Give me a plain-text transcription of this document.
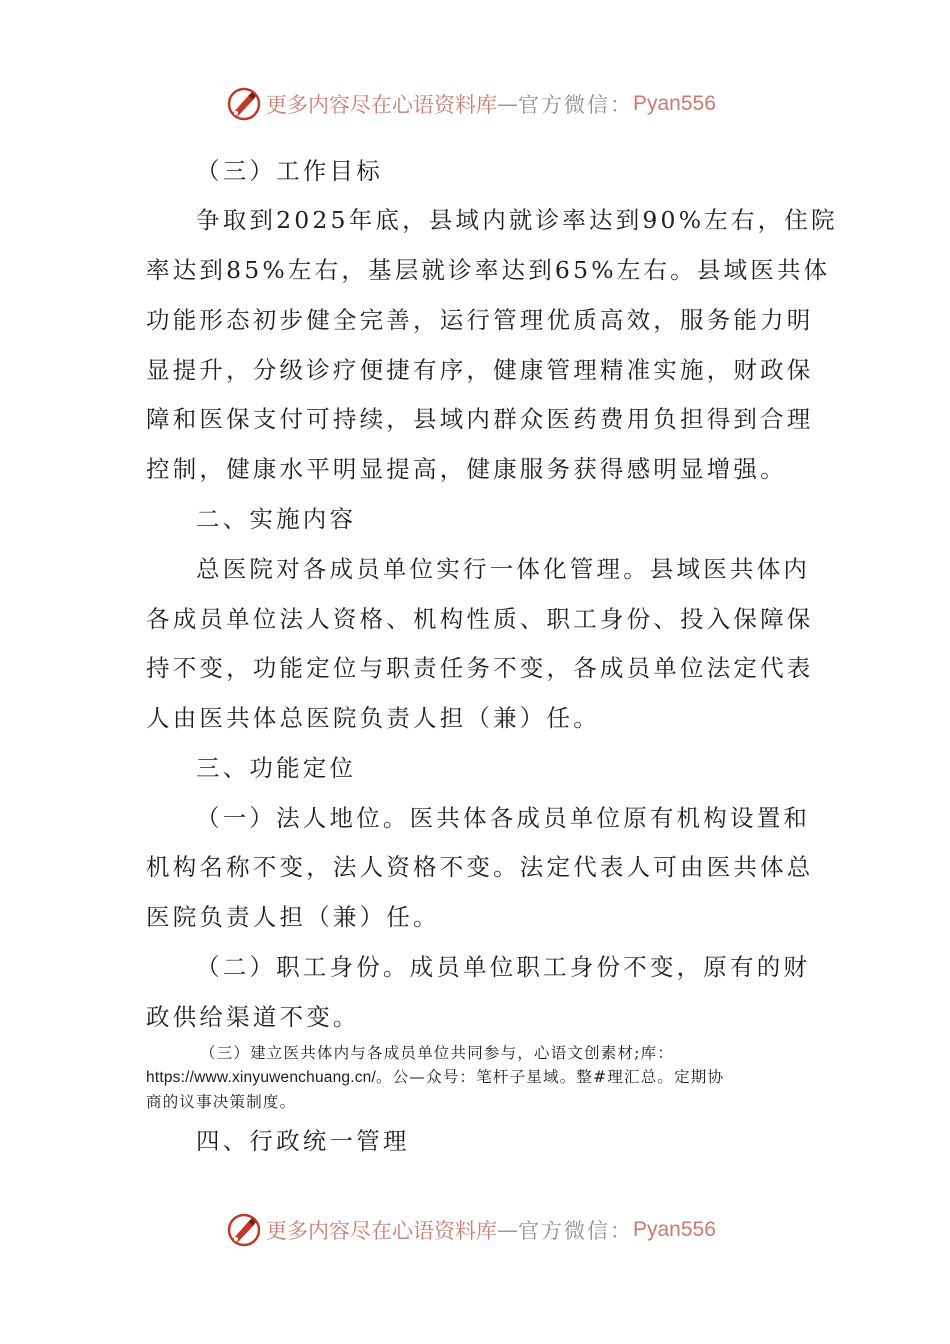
更多内容尽在心语资料库 — 官方微信： Pyan556
（三）工作目标
争取到2025年底，县域内就诊率达到90%左右，住院
率达到85%左右，基层就诊率达到65%左右。县域医共体
功能形态初步健全完善，运行管理优质高效，服务能力明
显提升，分级诊疗便捷有序，健康管理精准实施，财政保
障和医保支付可持续，县域内群众医药费用负担得到合理
控制，健康水平明显提高，健康服务获得感明显增强。
二、实施内容
总医院对各成员单位实行一体化管理。县域医共体内
各成员单位法人资格、机构性质、职工身份、投入保障保
持不变，功能定位与职责任务不变，各成员单位法定代表
人由医共体总医院负责人担（兼）任。
三、功能定位
（一）法人地位。医共体各成员单位原有机构设置和
机构名称不变，法人资格不变。法定代表人可由医共体总
医院负责人担（兼）任。
（二）职工身份。成员单位职工身份不变，原有的财
政供给渠道不变。
（三）建立医共体内与各成员单位共同参与，心语文创素材;库：
https://www.xinyuwenchuang.cn/。公—众号：笔杆子星域。整#理汇总。定期协
商的议事决策制度。
四、行政统一管理
更多内容尽在心语资料库 — 官方微信： Pyan556
